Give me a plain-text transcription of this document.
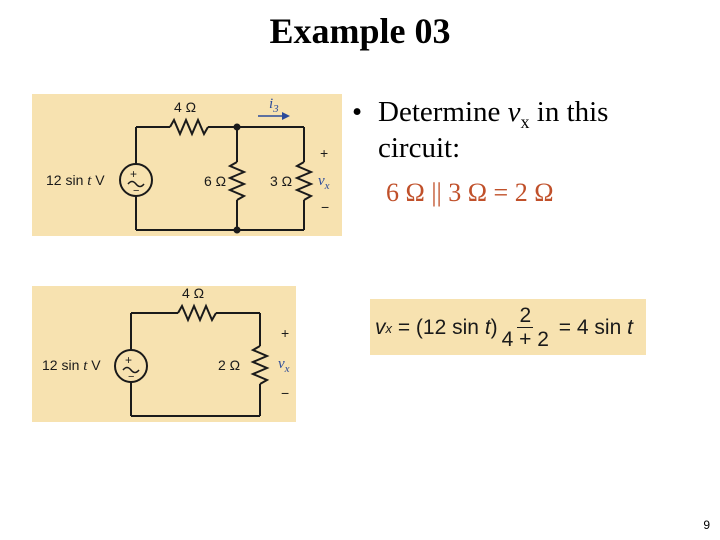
Example 03
+
−
4 Ω	$i_3$
6 Ω	3 Ω
+
$v_x$
−
12 sin t V
+
−
4 Ω
2 Ω
+
$v_x$
−
12 sin t V
• Determine $v_x$ in this
circuit:
6 Ω || 3 Ω = 2 Ω
v x = (12 sin t ) $\frac{2}{4 + 2} = 4$ sin t
9
